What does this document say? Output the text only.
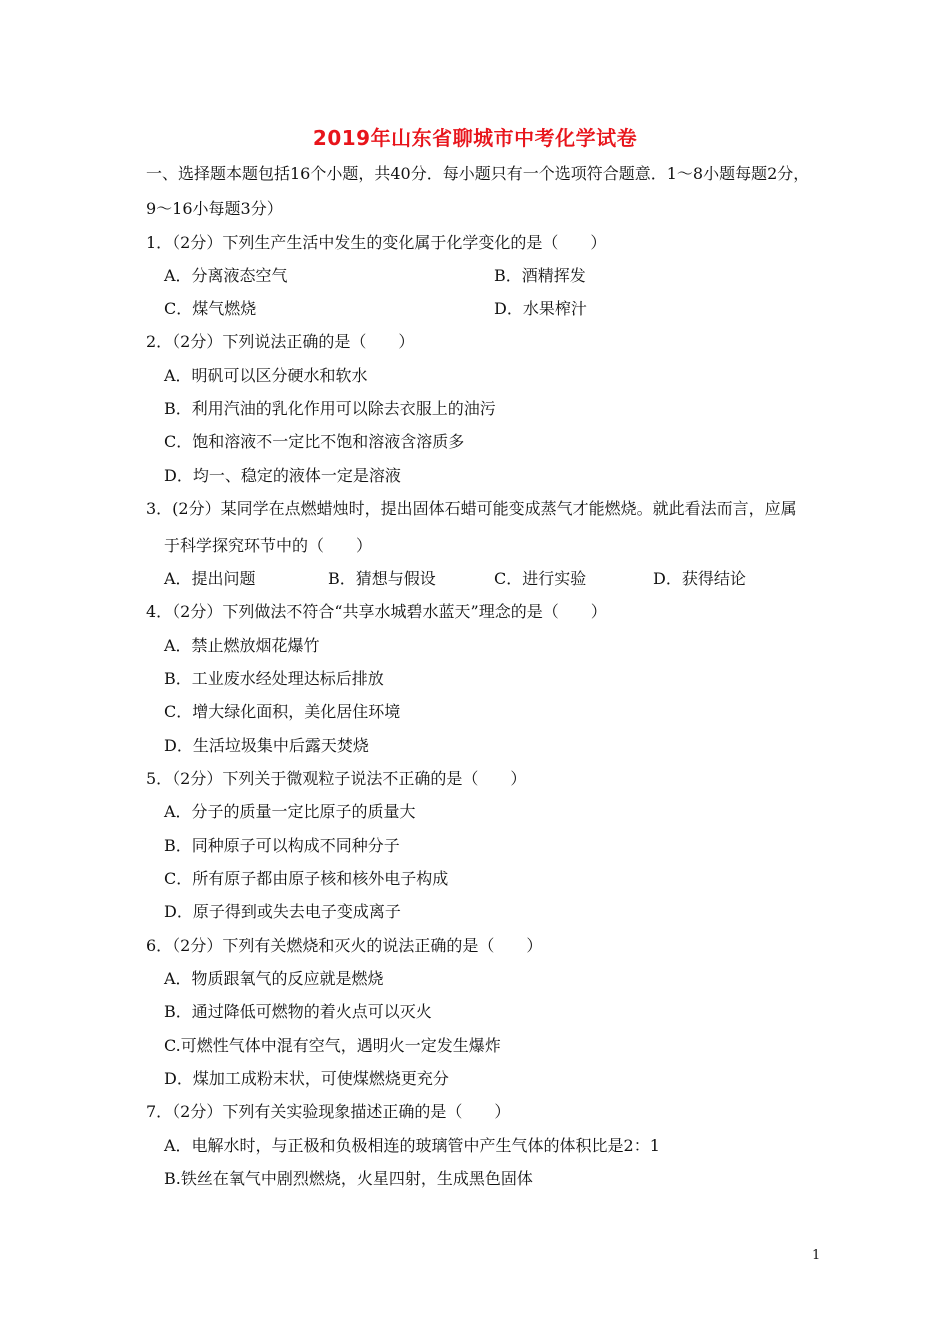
2019年山东省聊城市中考化学试卷
一、选择题本题包括16个小题，共40分．每小题只有一个选项符合题意．1～8小题每题2分，
9～16小每题3分）
1．（2分）下列生产生活中发生的变化属于化学变化的是（　　）
A．分离液态空气	B．酒精挥发
C．煤气燃烧	D．水果榨汁
2．（2分）下列说法正确的是（　　）
A．明矾可以区分硬水和软水
B．利用汽油的乳化作用可以除去衣服上的油污
C．饱和溶液不一定比不饱和溶液含溶质多
D．均一、稳定的液体一定是溶液
3．(2分）某同学在点燃蜡烛时，提出固体石蜡可能变成蒸气才能燃烧。就此看法而言，应属
于科学探究环节中的（　　）
A．提出问题	B．猜想与假设	C．进行实验	D．获得结论
4．（2分）下列做法不符合“共享水城碧水蓝天”理念的是（　　）
A．禁止燃放烟花爆竹
B．工业废水经处理达标后排放
C．增大绿化面积，美化居住环境
D．生活垃圾集中后露天焚烧
5．（2分）下列关于微观粒子说法不正确的是（　　）
A．分子的质量一定比原子的质量大
B．同种原子可以构成不同种分子
C．所有原子都由原子核和核外电子构成
D．原子得到或失去电子变成离子
6．（2分）下列有关燃烧和灭火的说法正确的是（　　）
A．物质跟氧气的反应就是燃烧
B．通过降低可燃物的着火点可以灭火
C.可燃性气体中混有空气，遇明火一定发生爆炸
D．煤加工成粉末状，可使煤燃烧更充分
7．（2分）下列有关实验现象描述正确的是（　　）
A．电解水时，与正极和负极相连的玻璃管中产生气体的体积比是2：1
B.铁丝在氧气中剧烈燃烧，火星四射，生成黑色固体
1
